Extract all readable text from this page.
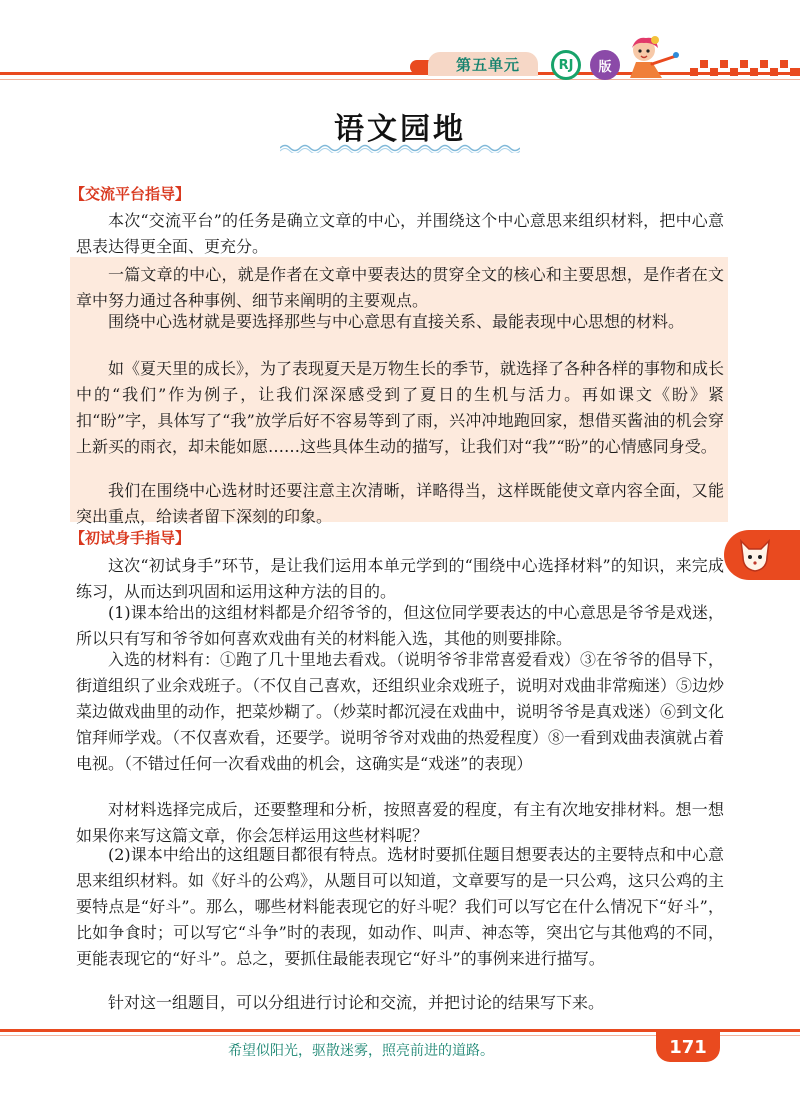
第五单元	RJ	版
语文园地
【交流平台指导】

本次“交流平台”的任务是确立文章的中心，并围绕这个中心意思来组织材料，把中心意思表达得更全面、更充分。

一篇文章的中心，就是作者在文章中要表达的贯穿全文的核心和主要思想，是作者在文章中努力通过各种事例、细节来阐明的主要观点。

围绕中心选材就是要选择那些与中心意思有直接关系、最能表现中心思想的材料。

如《夏天里的成长》，为了表现夏天是万物生长的季节，就选择了各种各样的事物和成长中的“我们”作为例子，让我们深深感受到了夏日的生机与活力。再如课文《盼》紧扣“盼”字，具体写了“我”放学后好不容易等到了雨，兴冲冲地跑回家，想借买酱油的机会穿上新买的雨衣，却未能如愿……这些具体生动的描写，让我们对“我”“盼”的心情感同身受。

我们在围绕中心选材时还要注意主次清晰，详略得当，这样既能使文章内容全面，又能突出重点，给读者留下深刻的印象。

【初试身手指导】

这次“初试身手”环节，是让我们运用本单元学到的“围绕中心选择材料”的知识，来完成练习，从而达到巩固和运用这种方法的目的。

(1)课本给出的这组材料都是介绍爷爷的，但这位同学要表达的中心意思是爷爷是戏迷，所以只有写和爷爷如何喜欢戏曲有关的材料能入选，其他的则要排除。

入选的材料有：①跑了几十里地去看戏。（说明爷爷非常喜爱看戏）③在爷爷的倡导下，街道组织了业余戏班子。（不仅自己喜欢，还组织业余戏班子，说明对戏曲非常痴迷）⑤边炒菜边做戏曲里的动作，把菜炒糊了。（炒菜时都沉浸在戏曲中，说明爷爷是真戏迷）⑥到文化馆拜师学戏。（不仅喜欢看，还要学。说明爷爷对戏曲的热爱程度）⑧一看到戏曲表演就占着电视。（不错过任何一次看戏曲的机会，这确实是“戏迷”的表现）

对材料选择完成后，还要整理和分析，按照喜爱的程度，有主有次地安排材料。想一想如果你来写这篇文章，你会怎样运用这些材料呢？

(2)课本中给出的这组题目都很有特点。选材时要抓住题目想要表达的主要特点和中心意思来组织材料。如《好斗的公鸡》，从题目可以知道，文章要写的是一只公鸡，这只公鸡的主要特点是“好斗”。那么，哪些材料能表现它的好斗呢？我们可以写它在什么情况下“好斗”，比如争食时；可以写它“斗争”时的表现，如动作、叫声、神态等，突出它与其他鸡的不同，更能表现它的“好斗”。总之，要抓住最能表现它“好斗”的事例来进行描写。

针对这一组题目，可以分组进行讨论和交流，并把讨论的结果写下来。

希望似阳光，驱散迷雾，照亮前进的道路。	171
